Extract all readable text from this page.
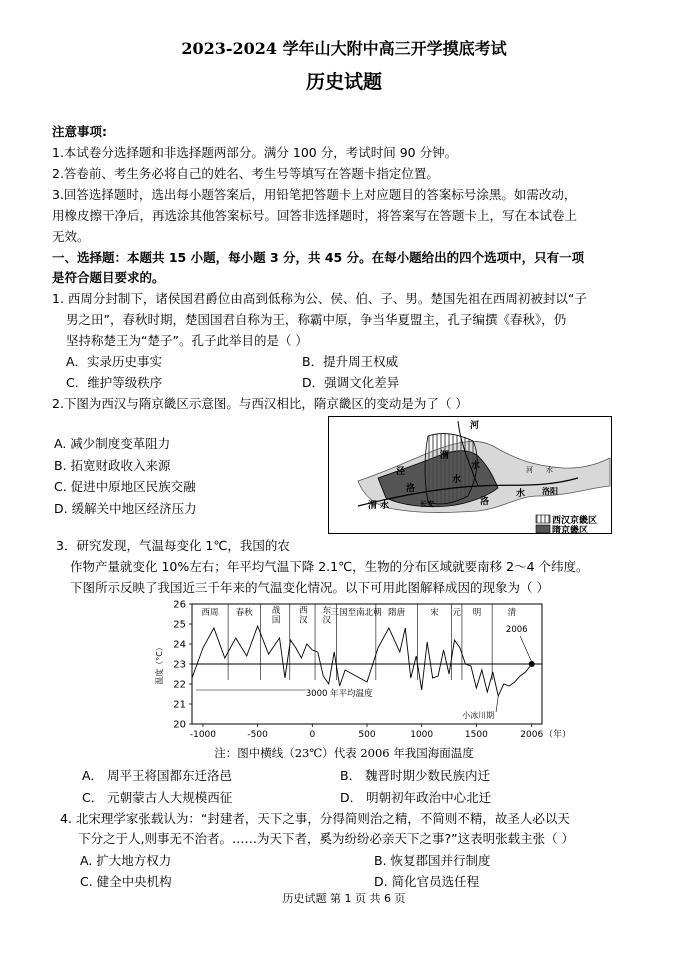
2023-2024 学年山大附中高三开学摸底考试
历史试题
注意事项:
1.本试卷分选择题和非选择题两部分。满分 100 分，考试时间 90 分钟。
2.答卷前、考生务必将自己的姓名、考生号等填写在答题卡指定位置。
3.回答选择题时，选出每小题答案后，用铅笔把答题卡上对应题目的答案标号涂黑。如需改动，
用橡皮擦干净后，再选涂其他答案标号。回答非选择题时，将答案写在答题卡上，写在本试卷上
无效。
一、选择题：本题共 15 小题，每小题 3 分，共 45 分。在每小题给出的四个选项中，只有一项
是符合题目要求的。
1. 西周分封制下，诸侯国君爵位由高到低称为公、侯、伯、子、男。楚国先祖在西周初被封以“子
男之田”，春秋时期，楚国国君自称为王，称霸中原，争当华夏盟主，孔子编撰《春秋》，仍
坚持称楚王为“楚子”。孔子此举目的是（ ）
A．实录历史事实	B．提升周王权威
C．维护等级秩序	D．强调文化差异
2.下图为西汉与隋京畿区示意图。与西汉相比，隋京畿区的变动是为了（ ）
A. 减少制度变革阻力
B. 拓宽财政收入来源
C. 促进中原地区民族交融
D. 缓解关中地区经济压力
河
泾
渭
水
洛
水
洛
水
河 水
长安
洛阳
渭 水
西汉京畿区
隋京畿区
3．研究发现，气温每变化 1℃，我国的农
作物产量就变化 10%左右；年平均气温下降 2.1℃，生物的分布区域就要南移 2～4 个纬度。
下图所示反映了我国近三千年来的气温变化情况。以下可用此图解释成因的现象为（ ）
20
21
22
23
24
25
26
-1000	-500	0	500	1000	1500	2006 （年）
温度（°C）
西周 春秋 战国 西汉 东汉 三国至南北朝 隋唐	宋 元 明	清
2006
3000 年平均温度
小冰川期
注：图中横线（23℃）代表 2006 年我国海面温度
A． 周平王将国都东迁洛邑	B． 魏晋时期少数民族内迁
C． 元朝蒙古人大规模西征	D． 明朝初年政治中心北迁
4. 北宋理学家张载认为：“封建者，天下之事，分得简则治之精，不简则不精，故圣人必以天
下分之于人,则事无不治者。……为天下者，奚为纷纷必亲天下之事?”这表明张载主张（ ）
A. 扩大地方权力	B. 恢复郡国并行制度
C. 健全中央机构	D. 简化官员选任程
历史试题 第 1 页 共 6 页
